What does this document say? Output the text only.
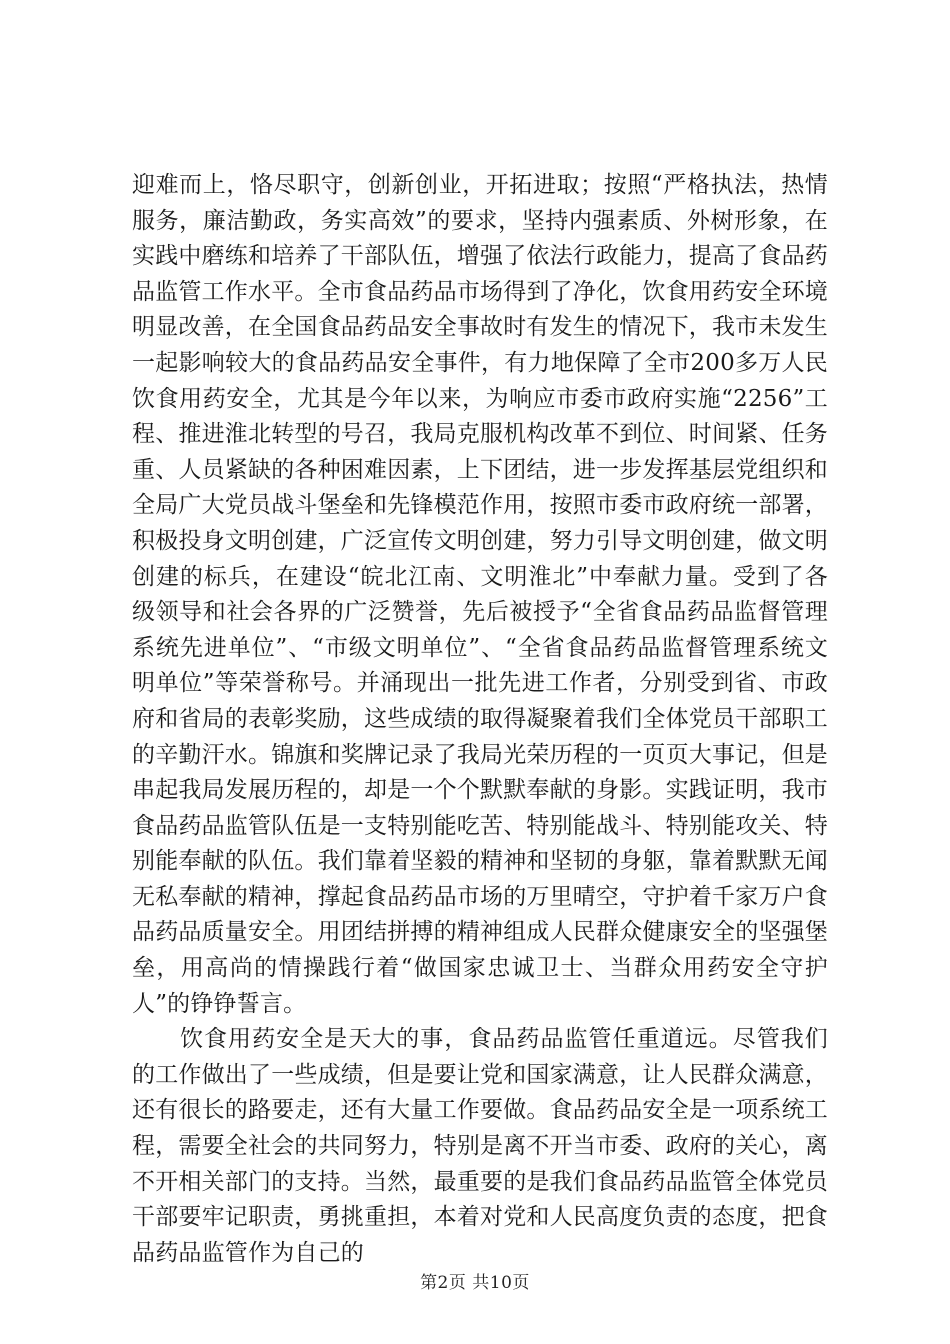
迎难而上，恪尽职守，创新创业，开拓进取；按照“严格执法，热情服务，廉洁勤政，务实高效”的要求，坚持内强素质、外树形象，在实践中磨练和培养了干部队伍，增强了依法行政能力，提高了食品药品监管工作水平。全市食品药品市场得到了净化，饮食用药安全环境明显改善，在全国食品药品安全事故时有发生的情况下，我市未发生一起影响较大的食品药品安全事件，有力地保障了全市200多万人民饮食用药安全，尤其是今年以来，为响应市委市政府实施“2256”工程、推进淮北转型的号召，我局克服机构改革不到位、时间紧、任务重、人员紧缺的各种困难因素，上下团结，进一步发挥基层党组织和全局广大党员战斗堡垒和先锋模范作用，按照市委市政府统一部署，积极投身文明创建，广泛宣传文明创建，努力引导文明创建，做文明创建的标兵，在建设“皖北江南、文明淮北”中奉献力量。受到了各级领导和社会各界的广泛赞誉，先后被授予“全省食品药品监督管理系统先进单位”、“市级文明单位”、“全省食品药品监督管理系统文明单位”等荣誉称号。并涌现出一批先进工作者，分别受到省、市政府和省局的表彰奖励，这些成绩的取得凝聚着我们全体党员干部职工的辛勤汗水。锦旗和奖牌记录了我局光荣历程的一页页大事记，但是串起我局发展历程的，却是一个个默默奉献的身影。实践证明，我市食品药品监管队伍是一支特别能吃苦、特别能战斗、特别能攻关、特别能奉献的队伍。我们靠着坚毅的精神和坚韧的身躯，靠着默默无闻无私奉献的精神，撑起食品药品市场的万里晴空，守护着千家万户食品药品质量安全。用团结拼搏的精神组成人民群众健康安全的坚强堡垒，用高尚的情操践行着“做国家忠诚卫士、当群众用药安全守护人”的铮铮誓言。

饮食用药安全是天大的事，食品药品监管任重道远。尽管我们的工作做出了一些成绩，但是要让党和国家满意，让人民群众满意，还有很长的路要走，还有大量工作要做。食品药品安全是一项系统工程，需要全社会的共同努力，特别是离不开当市委、政府的关心，离不开相关部门的支持。当然，最重要的是我们食品药品监管全体党员干部要牢记职责，勇挑重担，本着对党和人民高度负责的态度，把食品药品监管作为自己的

第2页 共10页
